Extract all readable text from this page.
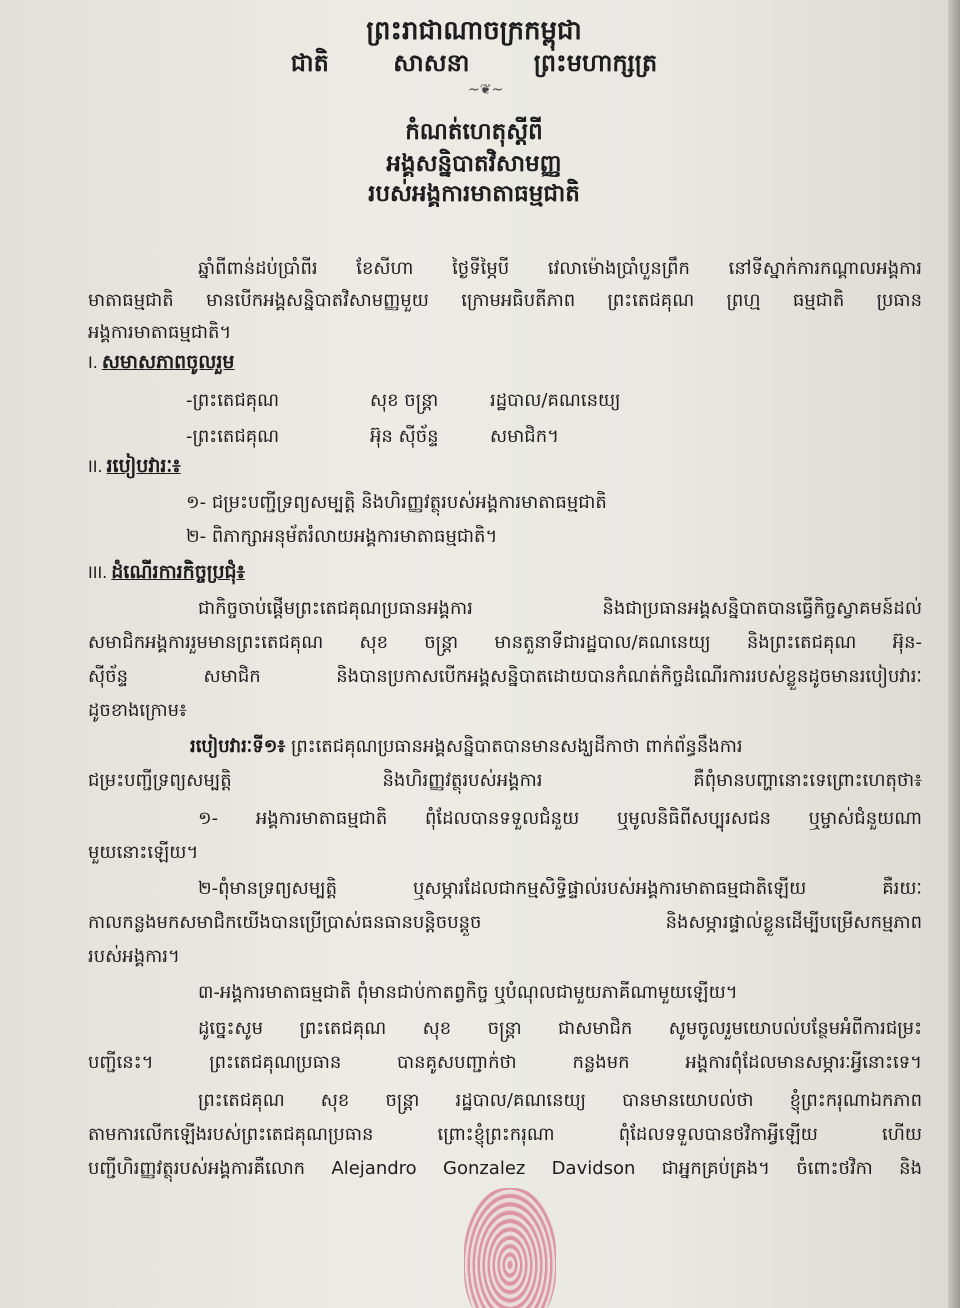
ព្រះរាជាណាចក្រកម្ពុជា
ជាតិ	សាសនា	ព្រះមហាក្សត្រ
~❦~
កំណត់ហេតុស្តីពី
អង្គសន្និបាតវិសាមញ្ញ
របស់អង្គការមាតាធម្មជាតិ
ឆ្នាំពីពាន់ដប់ប្រាំពីរ ខែសីហា ថ្ងៃទីម្ភៃបី វេលាម៉ោងប្រាំបួនព្រឹក នៅទីស្នាក់ការកណ្តាលអង្គការ
មាតាធម្មជាតិ មានបើកអង្គសន្និបាតវិសាមញ្ញមួយ ក្រោមអធិបតីភាព ព្រះតេជគុណ ព្រហ្ម ធម្មជាតិ ប្រធាន
អង្គការមាតាធម្មជាតិ។
I. សមាសភាពចូលរួម
-ព្រះតេជគុណ	សុខ ចន្ត្រា	រដ្ឋបាល/គណនេយ្យ
-ព្រះតេជគុណ	អ៊ុន ស៊ីច័ន្ទ	សមាជិក។
II. របៀបវារៈ៖
១- ជម្រះបញ្ជីទ្រព្យសម្បត្តិ និងហិរញ្ញវត្ថុរបស់អង្គការមាតាធម្មជាតិ
២- ពិភាក្សាអនុម័តរំលាយអង្គការមាតាធម្មជាតិ។
III. ដំណើរការកិច្ចប្រជុំ៖
ជាកិច្ចចាប់ផ្តើមព្រះតេជគុណប្រធានអង្គការ និងជាប្រធានអង្គសន្និបាតបានធ្វើកិច្ចស្វាគមន៍ដល់
សមាជិកអង្គការរួមមានព្រះតេជគុណ សុខ ចន្ត្រា មានតួនាទីជារដ្ឋបាល/គណនេយ្យ និងព្រះតេជគុណ អ៊ុន-
ស៊ីច័ន្ទ សមាជិក និងបានប្រកាសបើកអង្គសន្និបាតដោយបានកំណត់កិច្ចដំណើរការរបស់ខ្លួនដូចមានរបៀបវារៈ
ដូចខាងក្រោម៖
របៀបវារៈទី១៖ ព្រះតេជគុណប្រធានអង្គសន្និបាតបានមានសង្ឃដីកាថា ពាក់ព័ន្ធនឹងការ
ជម្រះបញ្ជីទ្រព្យសម្បត្តិ និងហិរញ្ញវត្ថុរបស់អង្គការ គឺពុំមានបញ្ហានោះទេព្រោះហេតុថា៖
១- អង្គការមាតាធម្មជាតិ ពុំដែលបានទទួលជំនួយ ឬមូលនិធិពីសប្បុរសជន ឬម្ចាស់ជំនួយណា
មួយនោះឡើយ។
២-ពុំមានទ្រព្យសម្បត្តិ ឬសម្ភារដែលជាកម្មសិទ្ធិផ្ទាល់របស់អង្គការមាតាធម្មជាតិឡើយ គឺរយៈ
កាលកន្លងមកសមាជិកយើងបានប្រើប្រាស់ធនធានបន្តិចបន្តួច និងសម្ភារផ្ទាល់ខ្លួនដើម្បីបម្រើសកម្មភាព
របស់អង្គការ។
៣-អង្គការមាតាធម្មជាតិ ពុំមានជាប់កាតព្វកិច្ច ឬបំណុលជាមួយភាគីណាមួយឡើយ។
ដូច្នេះសូម ព្រះតេជគុណ សុខ ចន្ត្រា ជាសមាជិក សូមចូលរួមយោបល់បន្ថែមអំពីការជម្រះ
បញ្ជីនេះ។ ព្រះតេជគុណប្រធាន បានគូសបញ្ជាក់ថា កន្លងមក អង្គការពុំដែលមានសម្ភារៈអ្វីនោះទេ។
ព្រះតេជគុណ សុខ ចន្ត្រា រដ្ឋបាល/គណនេយ្យ បានមានយោបល់ថា ខ្ញុំព្រះករុណាឯកភាព
តាមការលើកឡើងរបស់ព្រះតេជគុណប្រធាន ព្រោះខ្ញុំព្រះករុណា ពុំដែលទទួលបានថវិកាអ្វីឡើយ ហើយ
បញ្ជីហិរញ្ញវត្ថុរបស់អង្គការគឺលោក Alejandro Gonzalez Davidson ជាអ្នកគ្រប់គ្រង។ ចំពោះថវិកា និង
